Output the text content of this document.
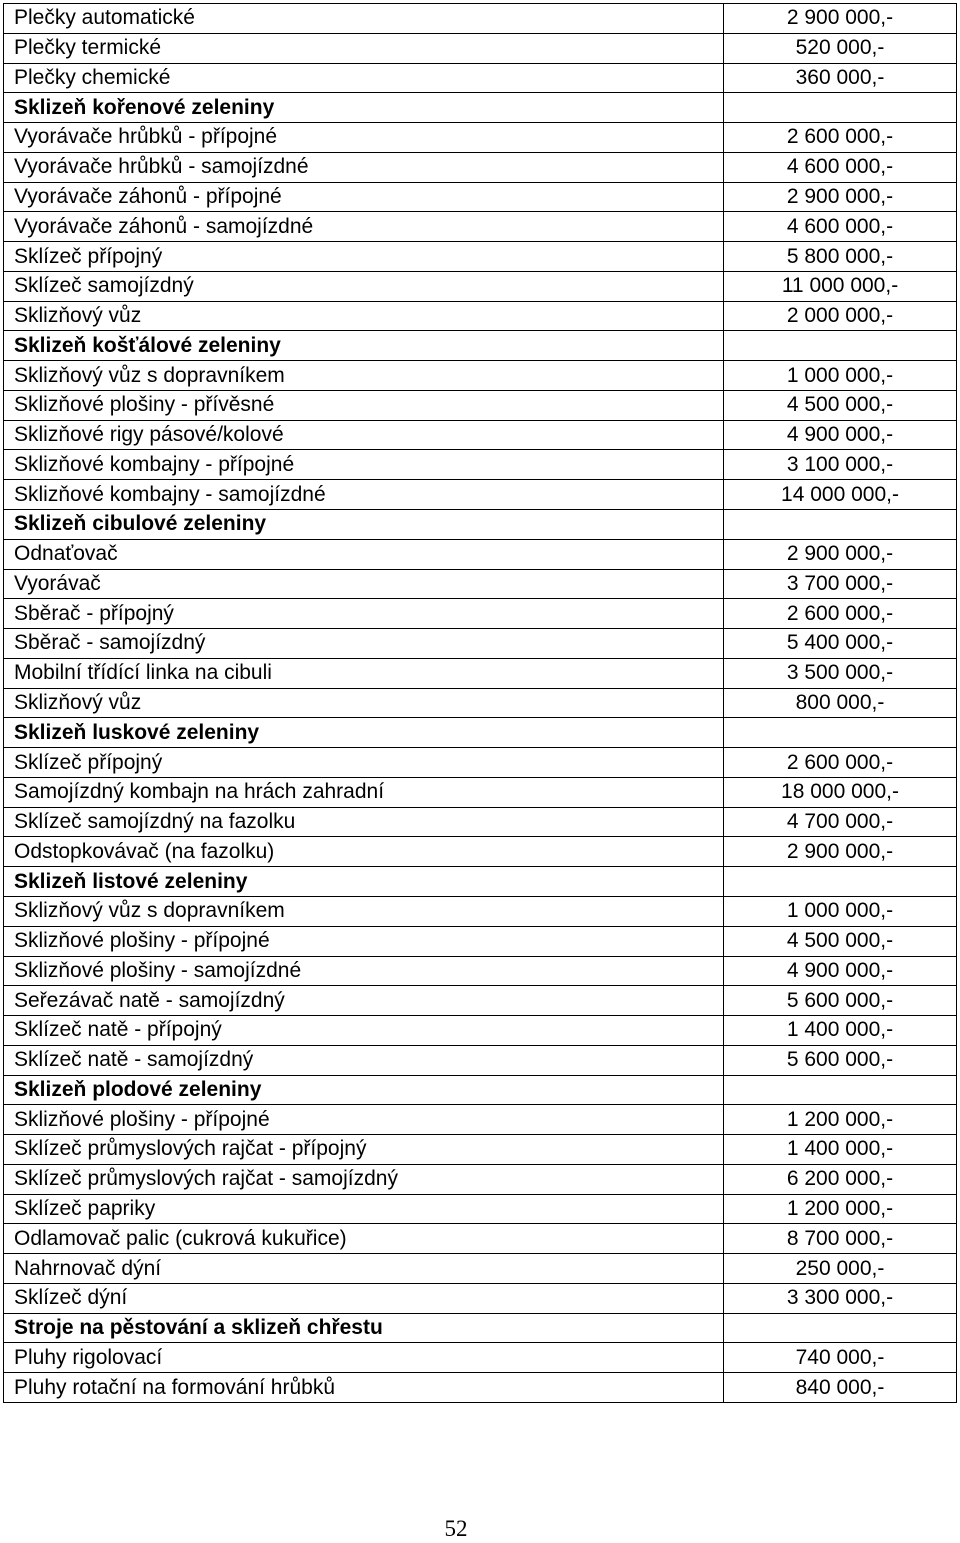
Plečky automatické	2 900 000,-
Plečky termické	520 000,-
Plečky chemické	360 000,-
Sklizeň kořenové zeleniny	
Vyorávače hrůbků - přípojné	2 600 000,-
Vyorávače hrůbků - samojízdné	4 600 000,-
Vyorávače záhonů - přípojné	2 900 000,-
Vyorávače záhonů - samojízdné	4 600 000,-
Sklízeč přípojný	5 800 000,-
Sklízeč samojízdný	11 000 000,-
Sklizňový vůz	2 000 000,-
Sklizeň košťálové zeleniny	
Sklizňový vůz s dopravníkem	1 000 000,-
Sklizňové plošiny - přívěsné	4 500 000,-
Sklizňové rigy pásové/kolové	4 900 000,-
Sklizňové kombajny - přípojné	3 100 000,-
Sklizňové kombajny - samojízdné	14 000 000,-
Sklizeň cibulové zeleniny	
Odnaťovač	2 900 000,-
Vyorávač	3 700 000,-
Sběrač - přípojný	2 600 000,-
Sběrač - samojízdný	5 400 000,-
Mobilní třídící linka na cibuli	3 500 000,-
Sklizňový vůz	800 000,-
Sklizeň luskové zeleniny	
Sklízeč přípojný	2 600 000,-
Samojízdný kombajn na hrách zahradní	18 000 000,-
Sklízeč samojízdný na fazolku	4 700 000,-
Odstopkovávač (na fazolku)	2 900 000,-
Sklizeň listové zeleniny	
Sklizňový vůz s dopravníkem	1 000 000,-
Sklizňové plošiny - přípojné	4 500 000,-
Sklizňové plošiny - samojízdné	4 900 000,-
Seřezávač natě - samojízdný	5 600 000,-
Sklízeč natě - přípojný	1 400 000,-
Sklízeč natě - samojízdný	5 600 000,-
Sklizeň plodové zeleniny	
Sklizňové plošiny - přípojné	1 200 000,-
Sklízeč průmyslových rajčat - přípojný	1 400 000,-
Sklízeč průmyslových rajčat - samojízdný	6 200 000,-
Sklízeč papriky	1 200 000,-
Odlamovač palic (cukrová kukuřice)	8 700 000,-
Nahrnovač dýní	250 000,-
Sklízeč dýní	3 300 000,-
Stroje na pěstování a sklizeň chřestu	
Pluhy rigolovací	740 000,-
Pluhy rotační na formování hrůbků	840 000,-
52
